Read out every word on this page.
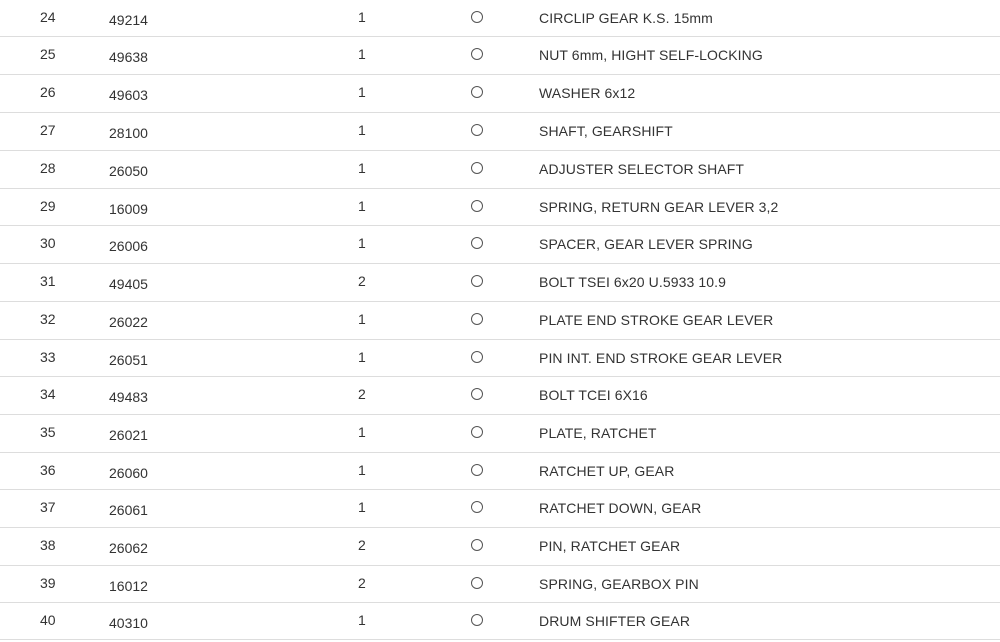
24	49214	1	CIRCLIP GEAR K.S. 15mm
25	49638	1	NUT 6mm, HIGHT SELF-LOCKING
26	49603	1	WASHER 6x12
27	28100	1	SHAFT, GEARSHIFT
28	26050	1	ADJUSTER SELECTOR SHAFT
29	16009	1	SPRING, RETURN GEAR LEVER 3,2
30	26006	1	SPACER, GEAR LEVER SPRING
31	49405	2	BOLT TSEI 6x20 U.5933 10.9
32	26022	1	PLATE END STROKE GEAR LEVER
33	26051	1	PIN INT. END STROKE GEAR LEVER
34	49483	2	BOLT TCEI 6X16
35	26021	1	PLATE, RATCHET
36	26060	1	RATCHET UP, GEAR
37	26061	1	RATCHET DOWN, GEAR
38	26062	2	PIN, RATCHET GEAR
39	16012	2	SPRING, GEARBOX PIN
40	40310	1	DRUM SHIFTER GEAR
